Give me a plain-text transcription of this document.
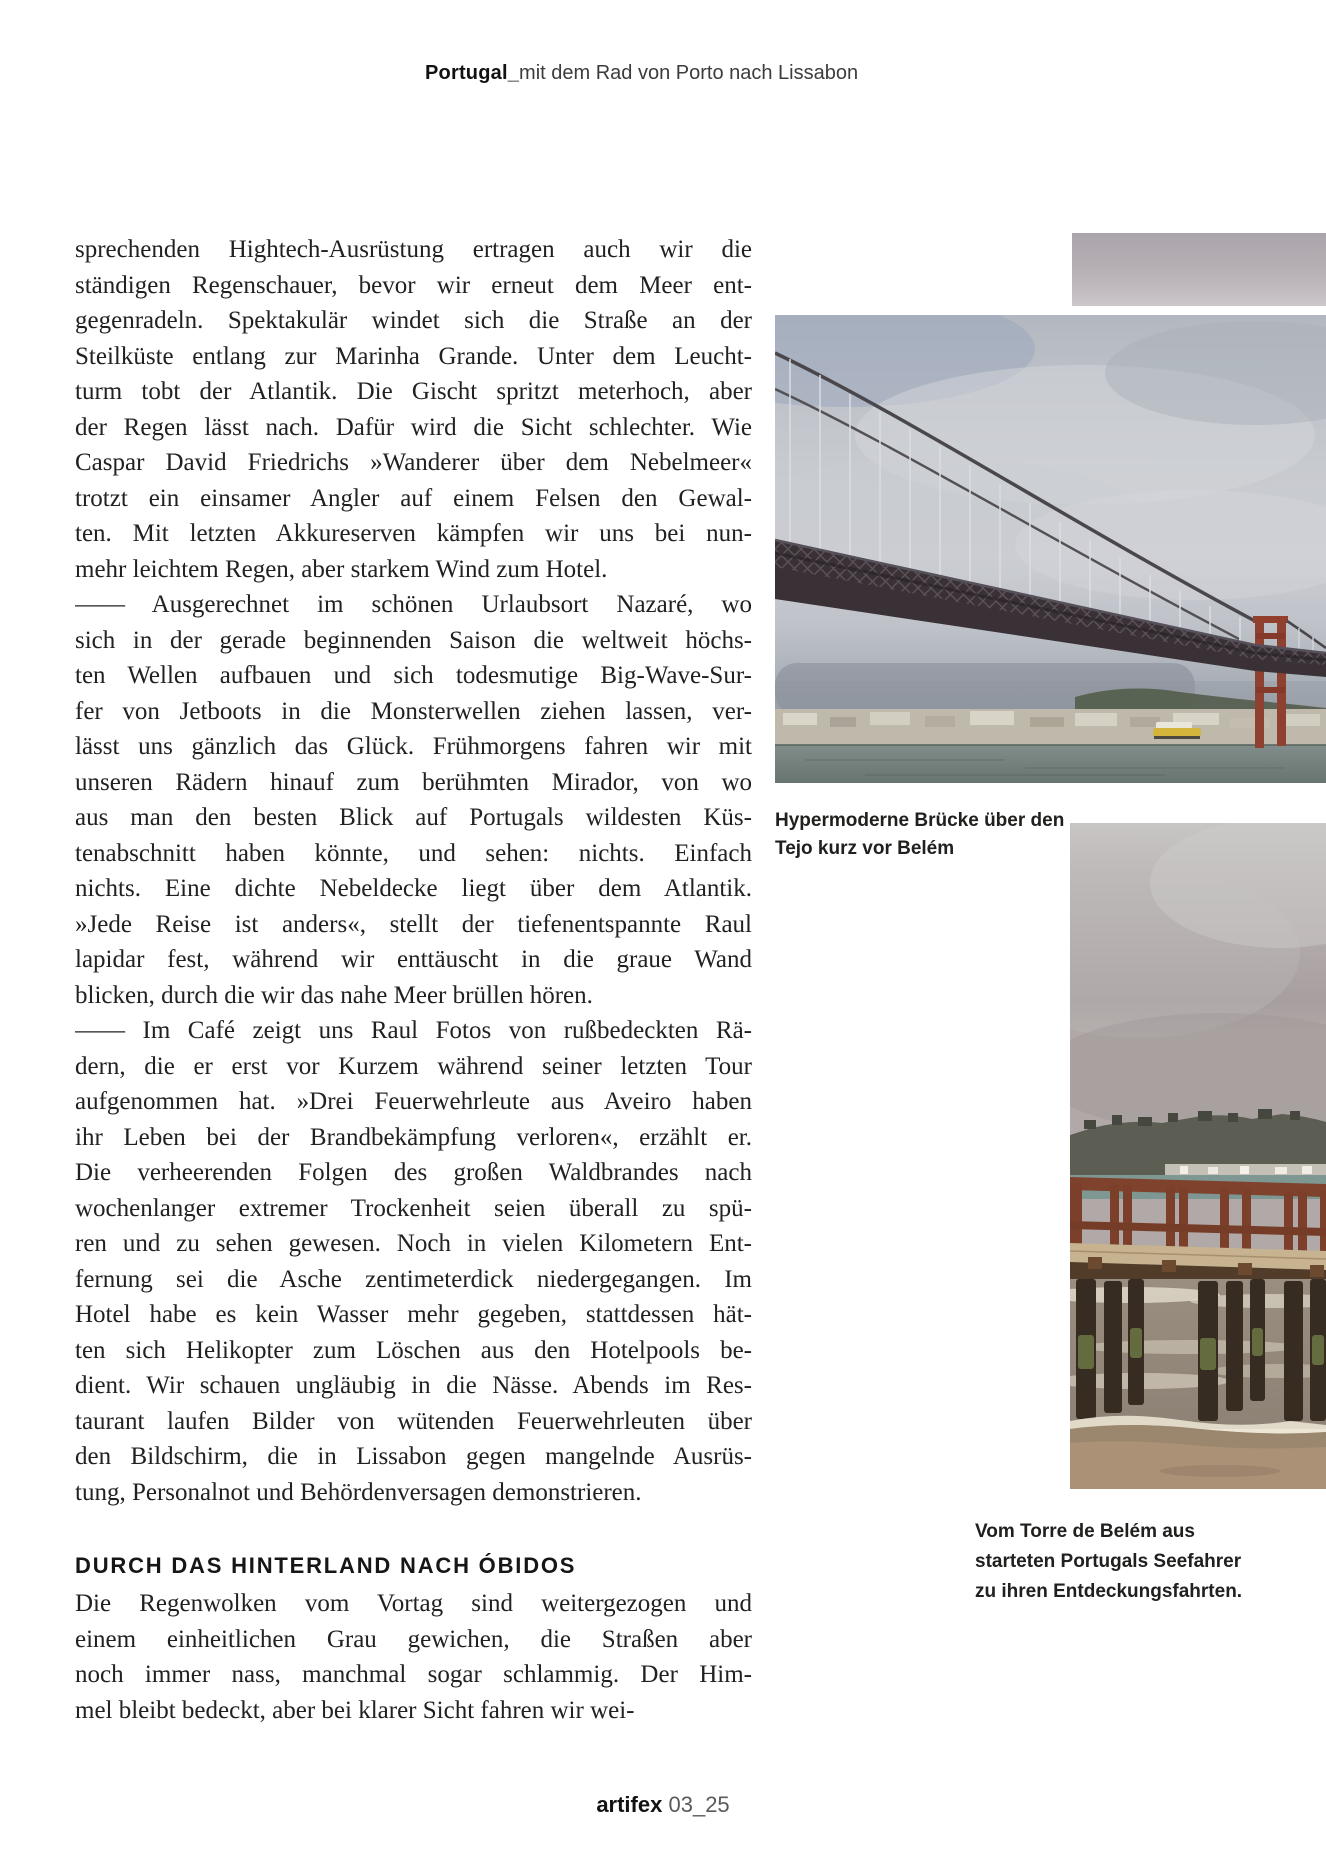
Portugal_mit dem Rad von Porto nach Lissabon
sprechenden Hightech-Ausrüstung ertragen auch wir die
ständigen Regenschauer, bevor wir erneut dem Meer ent-
gegenradeln. Spektakulär windet sich die Straße an der
Steilküste entlang zur Marinha Grande. Unter dem Leucht-
turm tobt der Atlantik. Die Gischt spritzt meterhoch, aber
der Regen lässt nach. Dafür wird die Sicht schlechter. Wie
Caspar David Friedrichs »Wanderer über dem Nebelmeer«
trotzt ein einsamer Angler auf einem Felsen den Gewal-
ten. Mit letzten Akkureserven kämpfen wir uns bei nun-
mehr leichtem Regen, aber starkem Wind zum Hotel.
—— Ausgerechnet im schönen Urlaubsort Nazaré, wo
sich in der gerade beginnenden Saison die weltweit höchs-
ten Wellen aufbauen und sich todesmutige Big-Wave-Sur-
fer von Jetboots in die Monsterwellen ziehen lassen, ver-
lässt uns gänzlich das Glück. Frühmorgens fahren wir mit
unseren Rädern hinauf zum berühmten Mirador, von wo
aus man den besten Blick auf Portugals wildesten Küs-
tenabschnitt haben könnte, und sehen: nichts. Einfach
nichts. Eine dichte Nebeldecke liegt über dem Atlantik.
»Jede Reise ist anders«, stellt der tiefenentspannte Raul
lapidar fest, während wir enttäuscht in die graue Wand
blicken, durch die wir das nahe Meer brüllen hören.
—— Im Café zeigt uns Raul Fotos von rußbedeckten Rä-
dern, die er erst vor Kurzem während seiner letzten Tour
aufgenommen hat. »Drei Feuerwehrleute aus Aveiro haben
ihr Leben bei der Brandbekämpfung verloren«, erzählt er.
Die verheerenden Folgen des großen Waldbrandes nach
wochenlanger extremer Trockenheit seien überall zu spü-
ren und zu sehen gewesen. Noch in vielen Kilometern Ent-
fernung sei die Asche zentimeterdick niedergegangen. Im
Hotel habe es kein Wasser mehr gegeben, stattdessen hät-
ten sich Helikopter zum Löschen aus den Hotelpools be-
dient. Wir schauen ungläubig in die Nässe. Abends im Res-
taurant laufen Bilder von wütenden Feuerwehrleuten über
den Bildschirm, die in Lissabon gegen mangelnde Ausrüs-
tung, Personalnot und Behördenversagen demonstrieren.
DURCH DAS HINTERLAND NACH ÓBIDOS
Die Regenwolken vom Vortag sind weitergezogen und
einem einheitlichen Grau gewichen, die Straßen aber
noch immer nass, manchmal sogar schlammig. Der Him-
mel bleibt bedeckt, aber bei klarer Sicht fahren wir wei-
Hypermoderne Brücke über den
Tejo kurz vor Belém
Vom Torre de Belém aus
starteten Portugals Seefahrer
zu ihren Entdeckungsfahrten.
artifex 03_25
